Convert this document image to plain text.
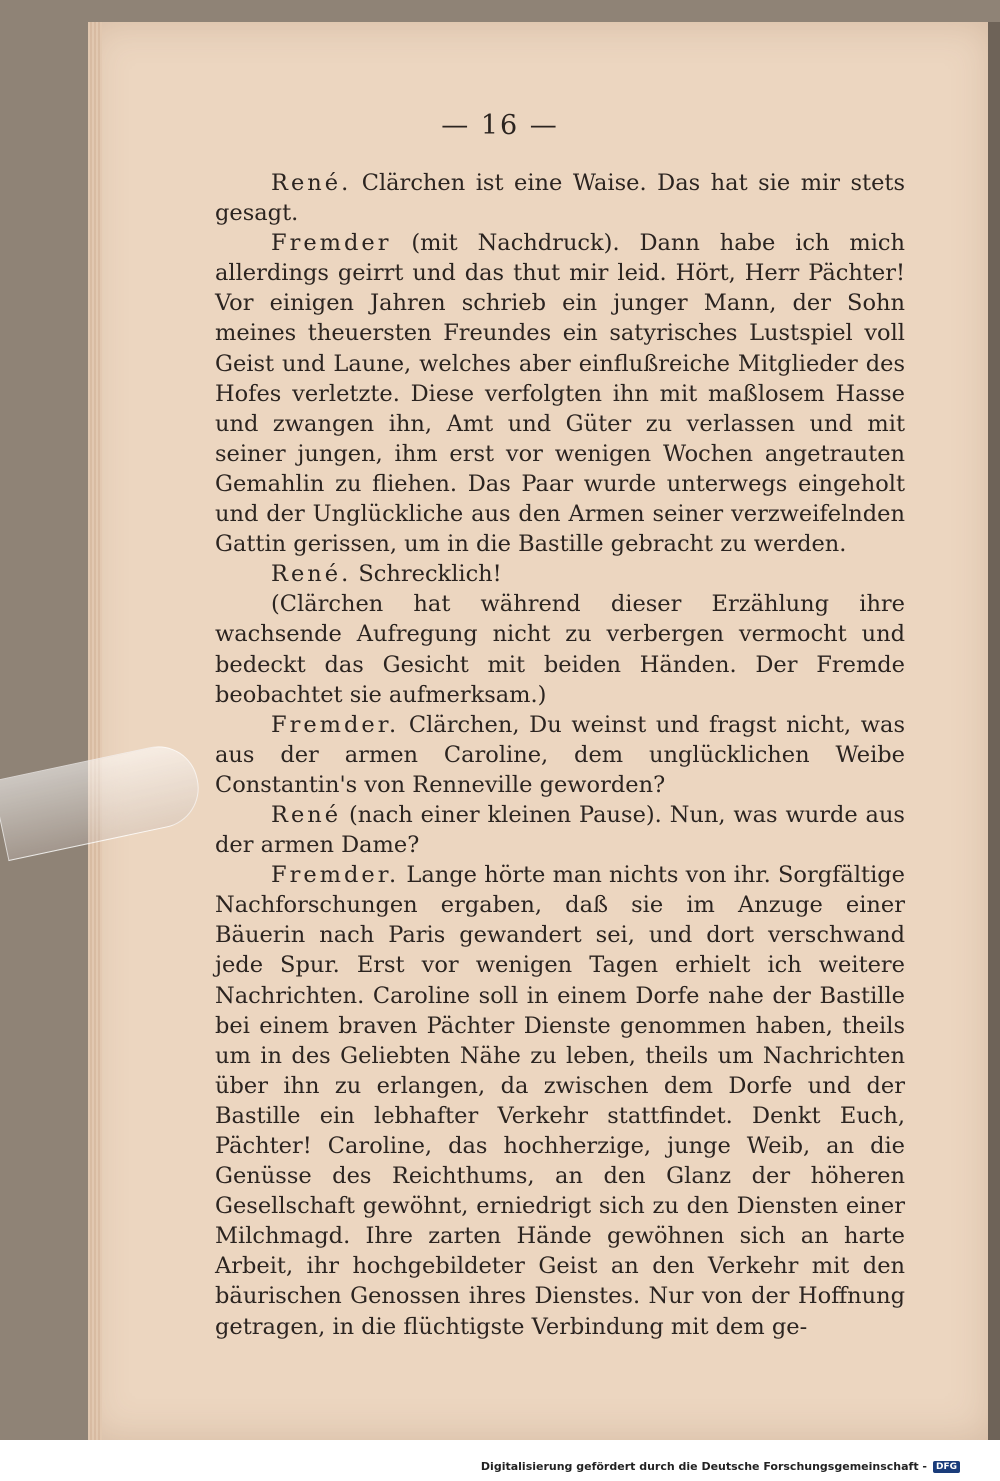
— 16 —

René. Clärchen ist eine Waise. Das hat sie mir stets gesagt.

Fremder (mit Nachdruck). Dann habe ich mich allerdings geirrt und das thut mir leid. Hört, Herr Pächter! Vor einigen Jahren schrieb ein junger Mann, der Sohn meines theuersten Freundes ein satyrisches Lustspiel voll Geist und Laune, welches aber einflußreiche Mitglieder des Hofes verletzte. Diese verfolgten ihn mit maßlosem Hasse und zwangen ihn, Amt und Güter zu verlassen und mit seiner jungen, ihm erst vor wenigen Wochen angetrauten Gemahlin zu fliehen. Das Paar wurde unterwegs eingeholt und der Unglückliche aus den Armen seiner verzweifelnden Gattin gerissen, um in die Bastille gebracht zu werden.

René. Schrecklich!

(Clärchen hat während dieser Erzählung ihre wachsende Aufregung nicht zu verbergen vermocht und bedeckt das Gesicht mit beiden Händen. Der Fremde beobachtet sie aufmerksam.)

Fremder. Clärchen, Du weinst und fragst nicht, was aus der armen Caroline, dem unglücklichen Weibe Constantin's von Renneville geworden?

René (nach einer kleinen Pause). Nun, was wurde aus der armen Dame?

Fremder. Lange hörte man nichts von ihr. Sorgfältige Nachforschungen ergaben, daß sie im Anzuge einer Bäuerin nach Paris gewandert sei, und dort verschwand jede Spur. Erst vor wenigen Tagen erhielt ich weitere Nachrichten. Caroline soll in einem Dorfe nahe der Bastille bei einem braven Pächter Dienste genommen haben, theils um in des Geliebten Nähe zu leben, theils um Nachrichten über ihn zu erlangen, da zwischen dem Dorfe und der Bastille ein lebhafter Verkehr stattfindet. Denkt Euch, Pächter! Caroline, das hochherzige, junge Weib, an die Genüsse des Reichthums, an den Glanz der höheren Gesellschaft gewöhnt, erniedrigt sich zu den Diensten einer Milchmagd. Ihre zarten Hände gewöhnen sich an harte Arbeit, ihr hochgebildeter Geist an den Verkehr mit den bäurischen Genossen ihres Dienstes. Nur von der Hoffnung getragen, in die flüchtigste Verbindung mit dem ge-

Digitalisierung gefördert durch die Deutsche Forschungsgemeinschaft -	DFG
